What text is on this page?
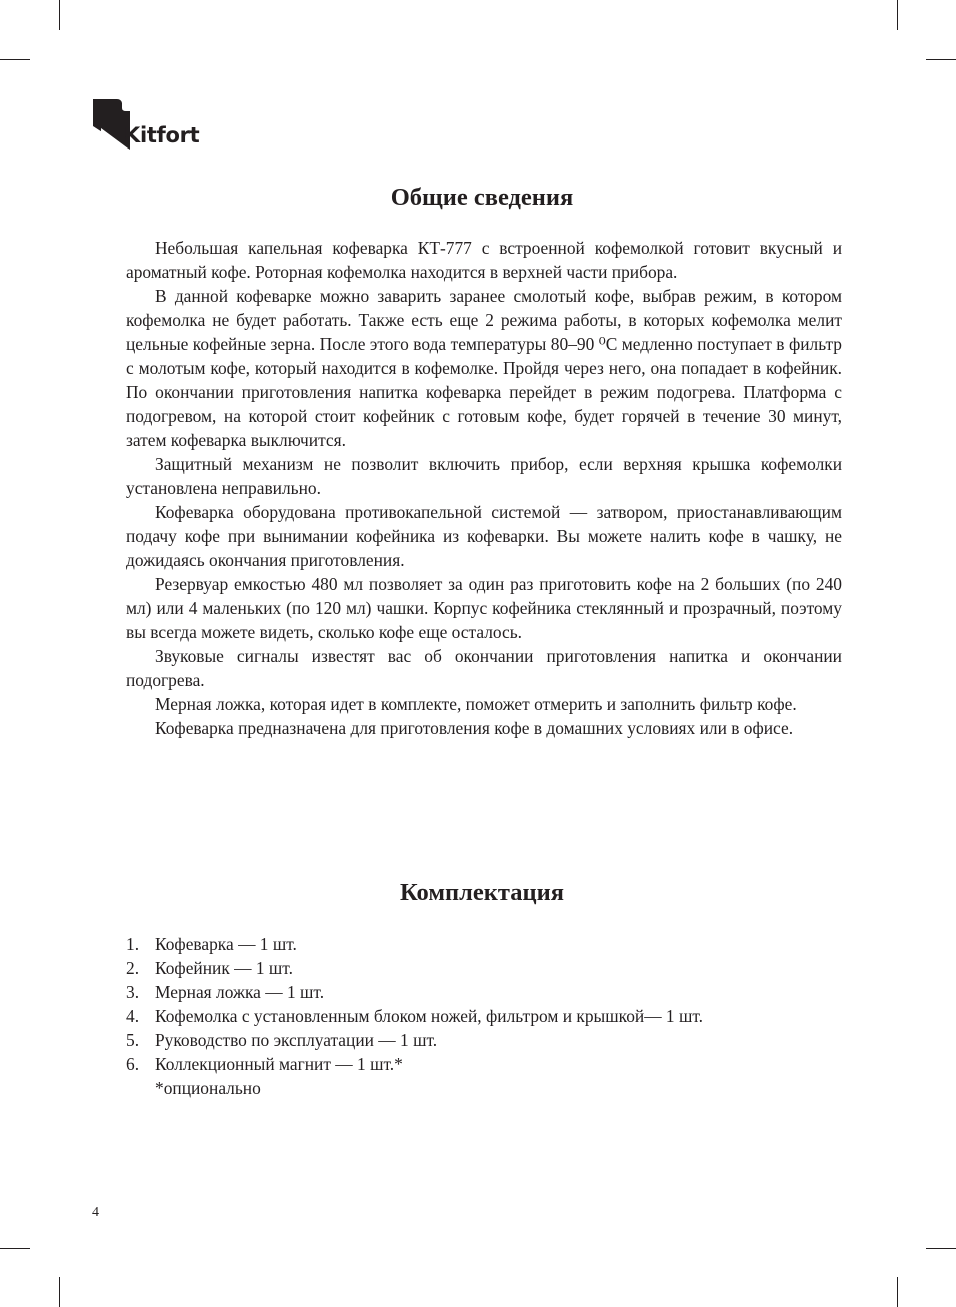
Kitfort
Общие сведения

Небольшая капельная кофеварка КТ-777 с встроенной кофемолкой готовит вкусный и ароматный кофе. Роторная кофемолка находится в верхней части прибора.

В данной кофеварке можно заварить заранее смолотый кофе, выбрав режим, в котором кофемолка не будет работать. Также есть еще 2 режима работы, в которых кофемолка мелит цельные кофейные зерна. После этого вода температуры 80–90 ⁰C медленно поступает в фильтр с молотым кофе, который находится в кофемолке. Пройдя через него, она попадает в кофейник. По окончании приготовления напитка кофеварка перейдет в режим подогрева. Платформа с подогревом, на которой стоит кофейник с готовым кофе, будет горячей в течение 30 минут, затем кофеварка выключится.

Защитный механизм не позволит включить прибор, если верхняя крышка кофемолки установлена неправильно.

Кофеварка оборудована противокапельной системой — затвором, приостанавливающим подачу кофе при вынимании кофейника из кофеварки. Вы можете налить кофе в чашку, не дожидаясь окончания приготовления.

Резервуар емкостью 480 мл позволяет за один раз приготовить кофе на 2 больших (по 240 мл) или 4 маленьких (по 120 мл) чашки. Корпус кофейника стеклянный и прозрачный, поэтому вы всегда можете видеть, сколько кофе еще осталось.

Звуковые сигналы известят вас об окончании приготовления напитка и окончании подогрева.

Мерная ложка, которая идет в комплекте, поможет отмерить и заполнить фильтр кофе.

Кофеварка предназначена для приготовления кофе в домашних условиях или в офисе.

Комплектация
1. Кофеварка — 1 шт.
2. Кофейник — 1 шт.
3. Мерная ложка — 1 шт.
4. Кофемолка с установленным блоком ножей, фильтром и крышкой— 1 шт.
5. Руководство по эксплуатации — 1 шт.
6. Коллекционный магнит — 1 шт.*
*опционально
4
